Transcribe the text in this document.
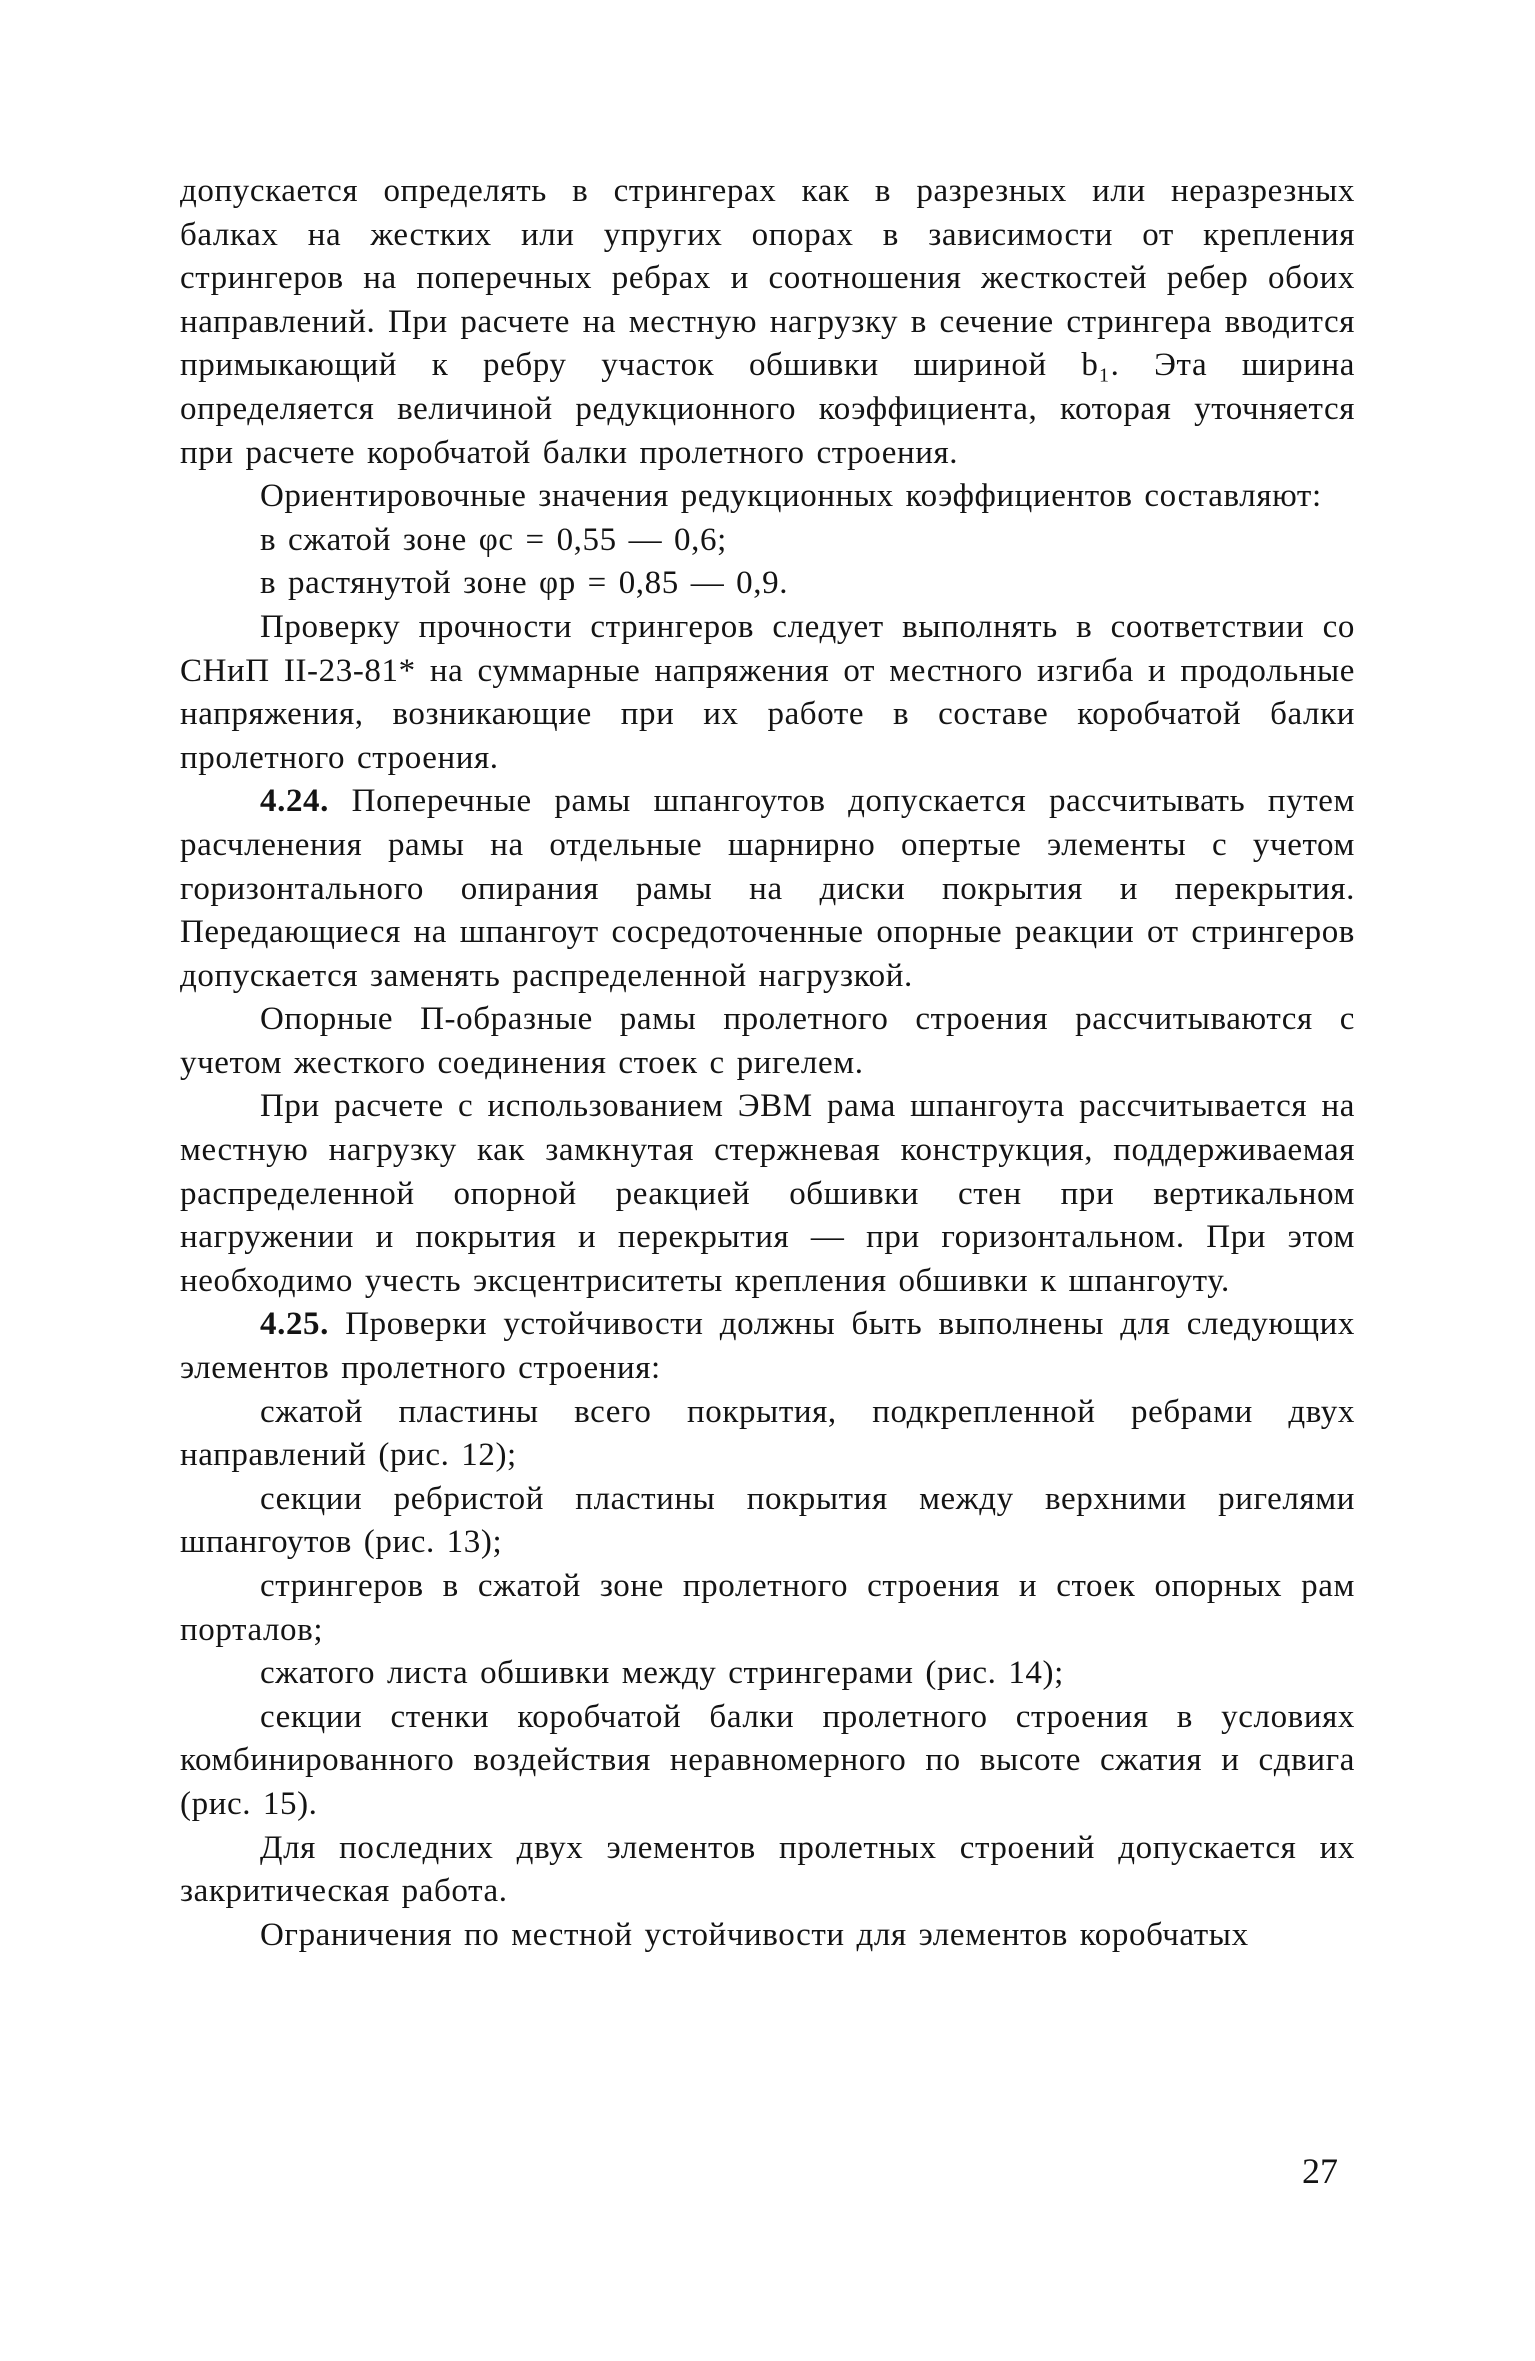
допускается определять в стрингерах как в разрезных или неразрезных балках на жестких или упругих опорах в зависимости от крепления стрингеров на поперечных ребрах и соотношения жесткостей ребер обоих направлений. При расчете на местную нагрузку в сечение стрингера вводится примыкающий к ребру участок обшивки шириной b₁. Эта ширина определяется величиной редукционного коэффициента, которая уточняется при расчете коробчатой балки пролетного строения.

Ориентировочные значения редукционных коэффициентов составляют:

в сжатой зоне φc = 0,55 — 0,6;

в растянутой зоне φp = 0,85 — 0,9.

Проверку прочности стрингеров следует выполнять в соответствии со СНиП II-23-81* на суммарные напряжения от местного изгиба и продольные напряжения, возникающие при их работе в составе коробчатой балки пролетного строения.

4.24. Поперечные рамы шпангоутов допускается рассчитывать путем расчленения рамы на отдельные шарнирно опертые элементы с учетом горизонтального опирания рамы на диски покрытия и перекрытия. Передающиеся на шпангоут сосредоточенные опорные реакции от стрингеров допускается заменять распределенной нагрузкой.

Опорные П-образные рамы пролетного строения рассчитываются с учетом жесткого соединения стоек с ригелем.

При расчете с использованием ЭВМ рама шпангоута рассчитывается на местную нагрузку как замкнутая стержневая конструкция, поддерживаемая распределенной опорной реакцией обшивки стен при вертикальном нагружении и покрытия и перекрытия — при горизонтальном. При этом необходимо учесть эксцентриситеты крепления обшивки к шпангоуту.

4.25. Проверки устойчивости должны быть выполнены для следующих элементов пролетного строения:

сжатой пластины всего покрытия, подкрепленной ребрами двух направлений (рис. 12);

секции ребристой пластины покрытия между верхними ригелями шпангоутов (рис. 13);

стрингеров в сжатой зоне пролетного строения и стоек опорных рам порталов;

сжатого листа обшивки между стрингерами (рис. 14);

секции стенки коробчатой балки пролетного строения в условиях комбинированного воздействия неравномерного по высоте сжатия и сдвига (рис. 15).

Для последних двух элементов пролетных строений допускается их закритическая работа.

Ограничения по местной устойчивости для элементов коробчатых

27
